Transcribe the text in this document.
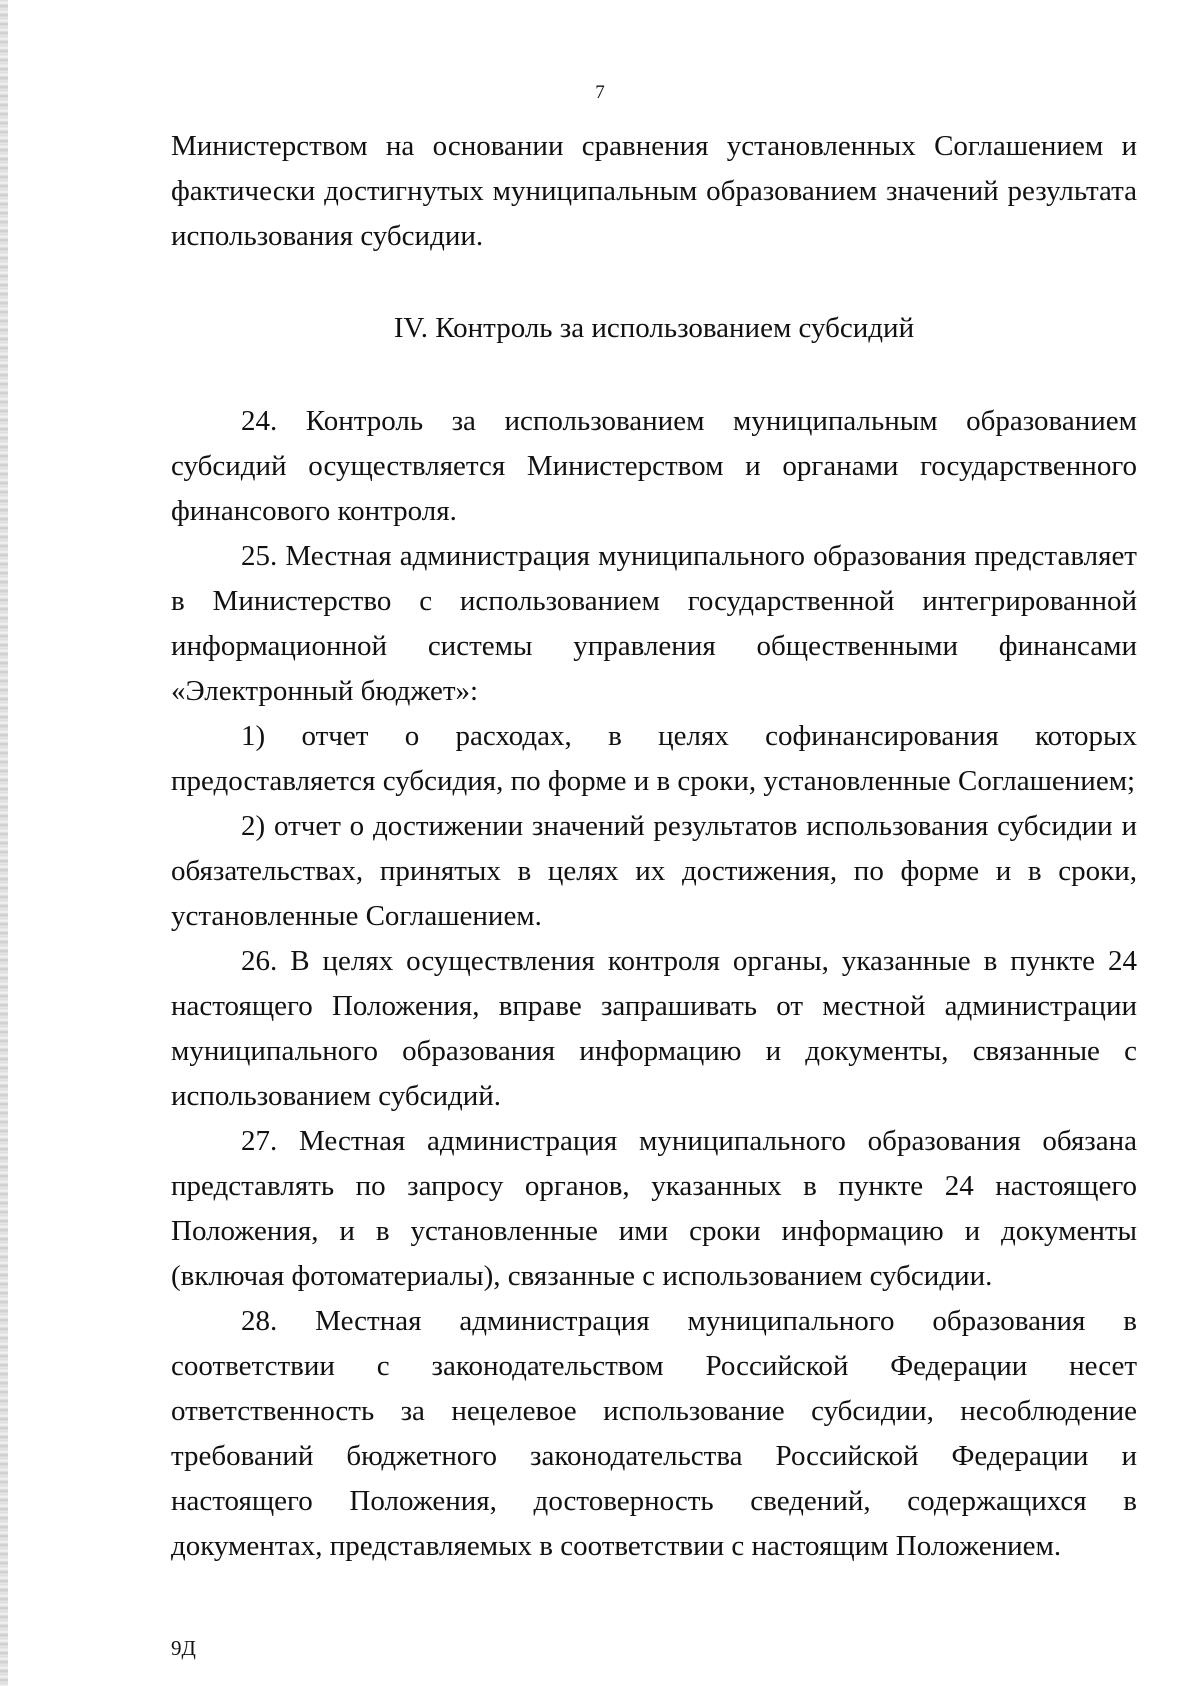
7

Министерством на основании сравнения установленных Соглашением и фактически достигнутых муниципальным образованием значений результата использования субсидии.

IV. Контроль за использованием субсидий

24. Контроль за использованием муниципальным образованием субсидий осуществляется Министерством и органами государственного финансового контроля.

25. Местная администрация муниципального образования представляет в Министерство с использованием государственной интегрированной информационной системы управления общественными финансами «Электронный бюджет»:

1) отчет о расходах, в целях софинансирования которых предоставляется субсидия, по форме и в сроки, установленные Соглашением;

2) отчет о достижении значений результатов использования субсидии и обязательствах, принятых в целях их достижения, по форме и в сроки, установленные Соглашением.

26. В целях осуществления контроля органы, указанные в пункте 24 настоящего Положения, вправе запрашивать от местной администрации муниципального образования информацию и документы, связанные с использованием субсидий.

27. Местная администрация муниципального образования обязана представлять по запросу органов, указанных в пункте 24 настоящего Положения, и в установленные ими сроки информацию и документы (включая фотоматериалы), связанные с использованием субсидии.

28. Местная администрация муниципального образования в соответствии с законодательством Российской Федерации несет ответственность за нецелевое использование субсидии, несоблюдение требований бюджетного законодательства Российской Федерации и настоящего Положения, достоверность сведений, содержащихся в документах, представляемых в соответствии с настоящим Положением.

9Д
